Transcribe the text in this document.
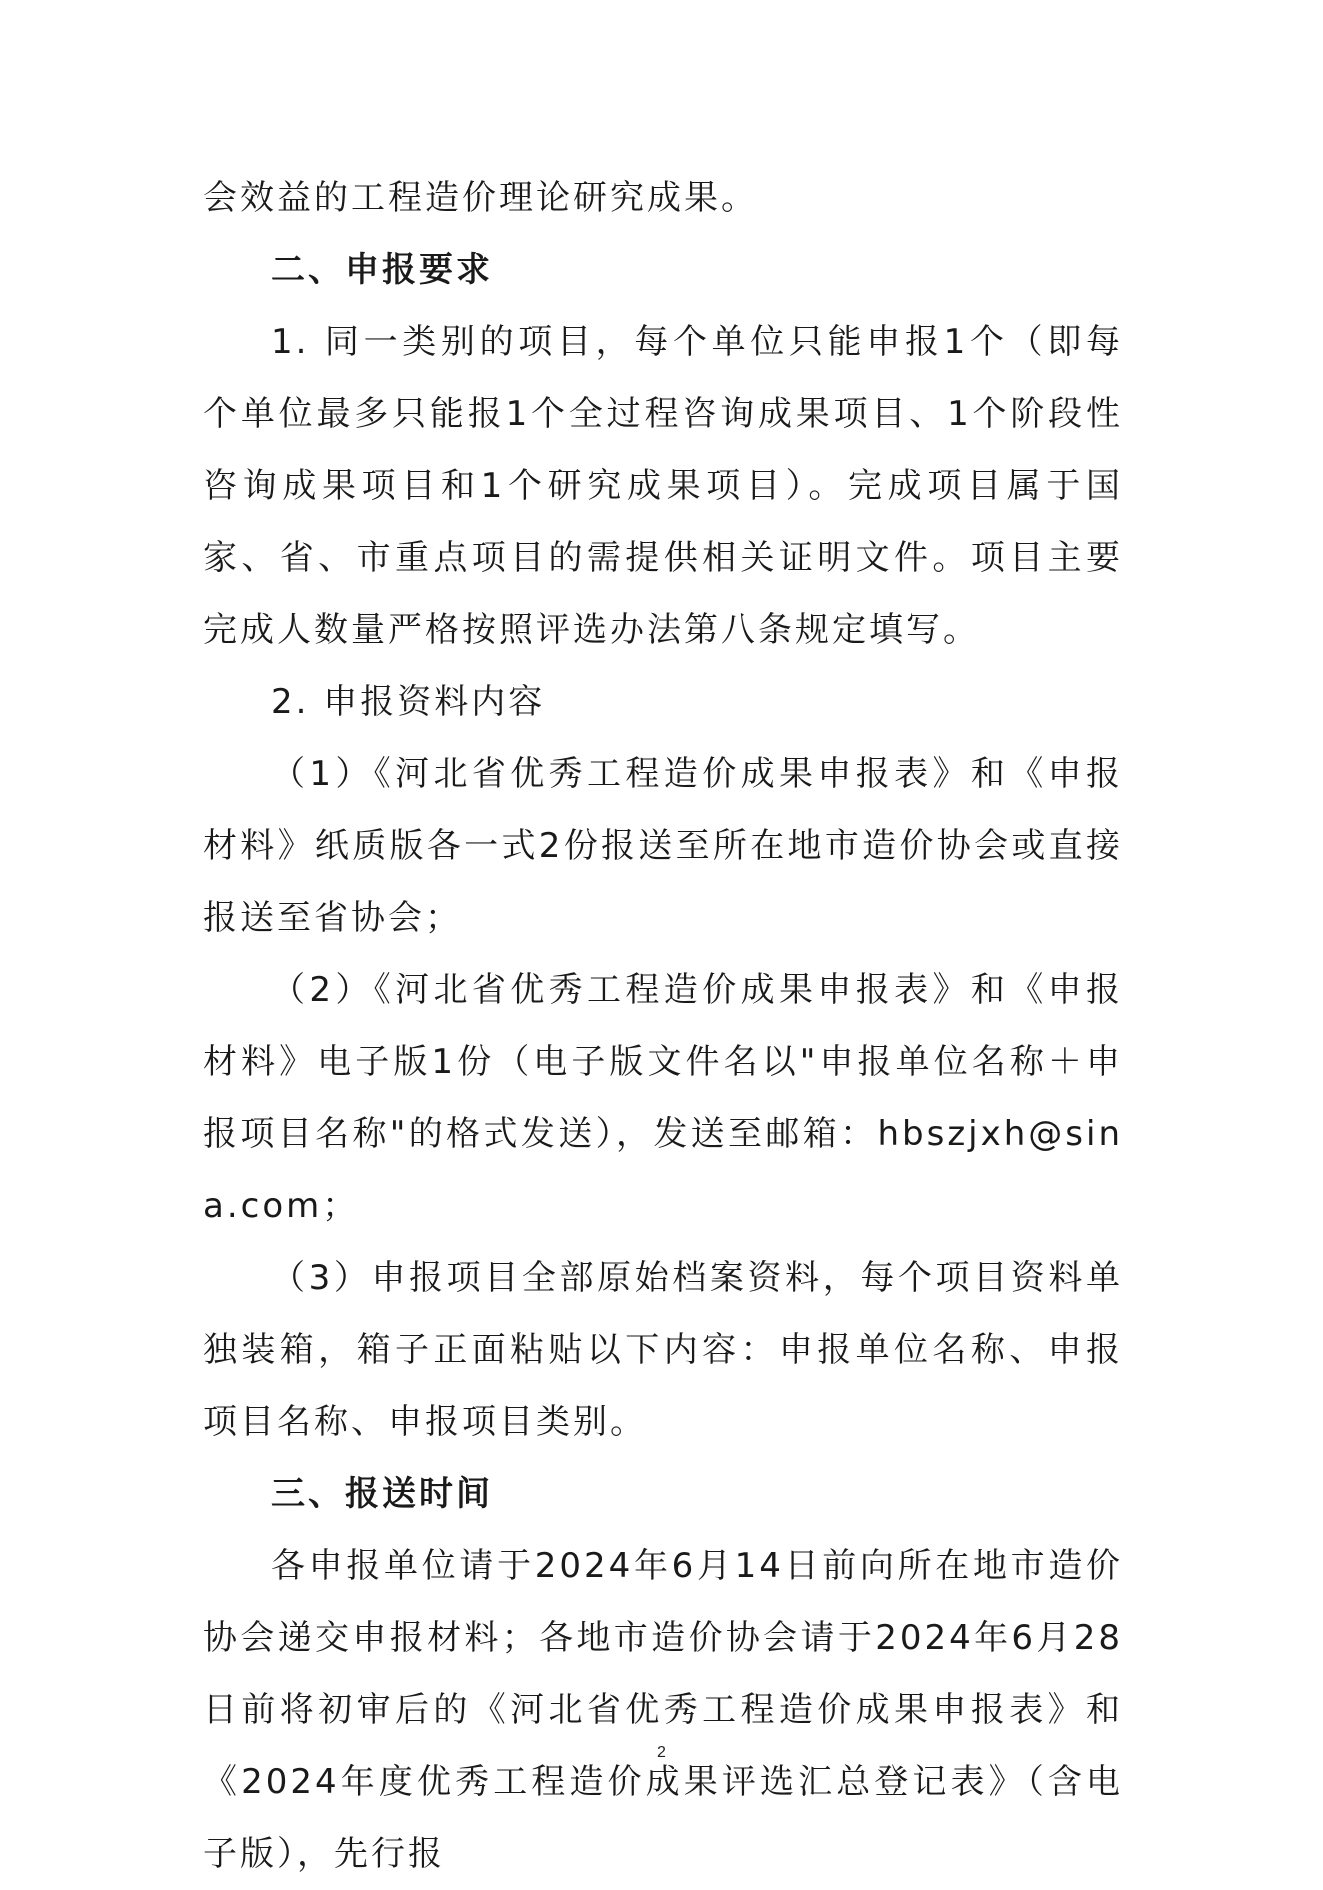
会效益的工程造价理论研究成果。

二、申报要求

1. 同一类别的项目，每个单位只能申报1个（即每个单位最多只能报1个全过程咨询成果项目、1个阶段性咨询成果项目和1个研究成果项目）。完成项目属于国家、省、市重点项目的需提供相关证明文件。项目主要完成人数量严格按照评选办法第八条规定填写。

2. 申报资料内容

（1）《河北省优秀工程造价成果申报表》和《申报材料》纸质版各一式2份报送至所在地市造价协会或直接报送至省协会；

（2）《河北省优秀工程造价成果申报表》和《申报材料》电子版1份（电子版文件名以"申报单位名称＋申报项目名称"的格式发送），发送至邮箱：hbszjxh@sina.com；

（3）申报项目全部原始档案资料，每个项目资料单独装箱，箱子正面粘贴以下内容：申报单位名称、申报项目名称、申报项目类别。

三、报送时间

各申报单位请于2024年6月14日前向所在地市造价协会递交申报材料；各地市造价协会请于2024年6月28日前将初审后的《河北省优秀工程造价成果申报表》和《2024年度优秀工程造价成果评选汇总登记表》（含电子版），先行报

2
